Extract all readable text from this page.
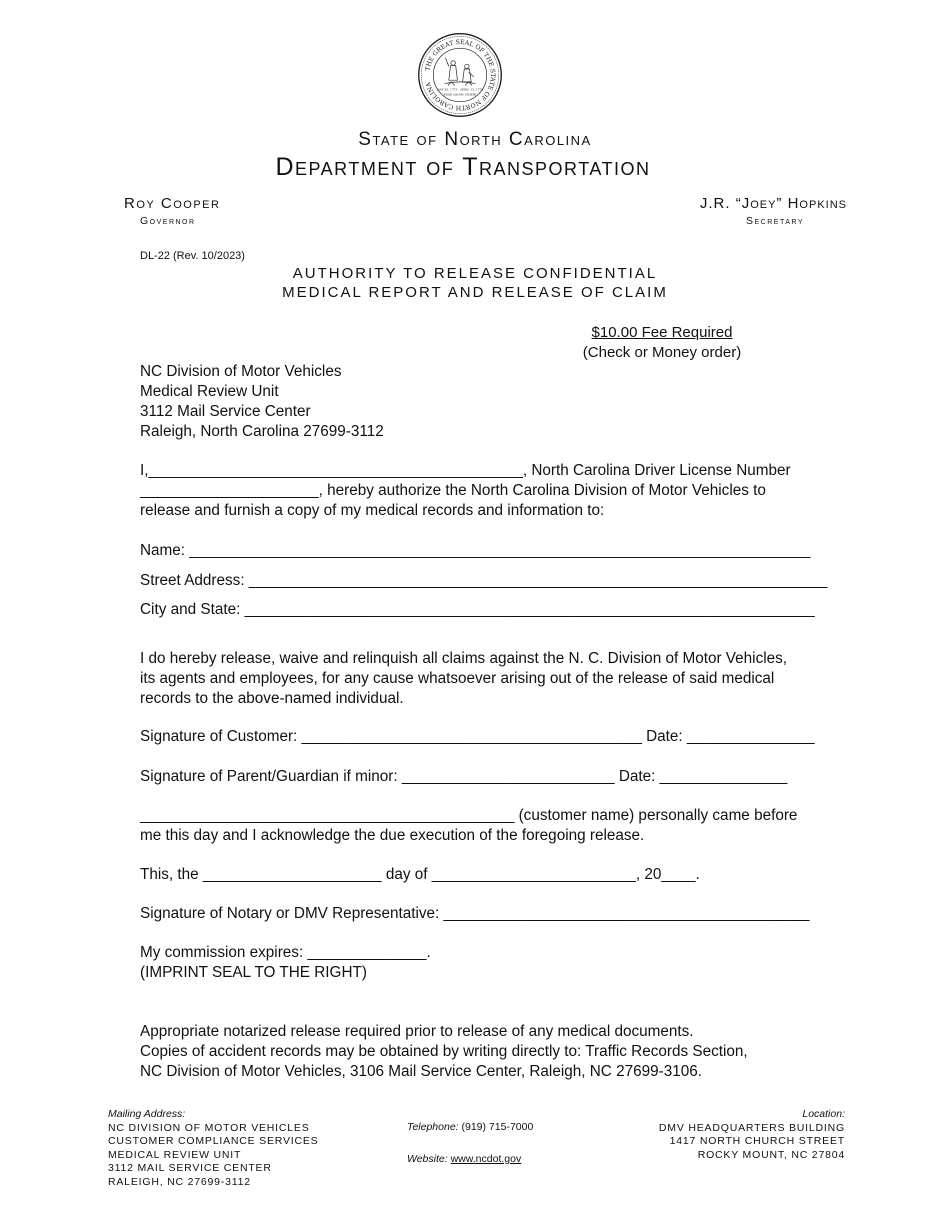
THE GREAT SEAL OF THE STATE OF NORTH CAROLINA
MAY 20, 1775 · APRIL 12, 1776
ESSE QUAM VIDERI
State of North Carolina
Department of Transportation
Roy Cooper
Governor
J.R. “Joey” Hopkins
Secretary
DL-22 (Rev. 10/2023)
AUTHORITY TO RELEASE CONFIDENTIAL
MEDICAL REPORT AND RELEASE OF CLAIM
$10.00 Fee Required
(Check or Money order)
NC Division of Motor Vehicles
Medical Review Unit
3112 Mail Service Center
Raleigh, North Carolina 27699-3112
I,____________________________________________, North Carolina Driver License Number
_____________________, hereby authorize the North Carolina Division of Motor Vehicles to
release and furnish a copy of my medical records and information to:
Name: _________________________________________________________________________
Street Address: ____________________________________________________________________
City and State: ___________________________________________________________________
I do hereby release, waive and relinquish all claims against the N. C. Division of Motor Vehicles,
its agents and employees, for any cause whatsoever arising out of the release of said medical
records to the above-named individual.
Signature of Customer: ________________________________________ Date: _______________
Signature of Parent/Guardian if minor: _________________________ Date: _______________
____________________________________________ (customer name) personally came before
me this day and I acknowledge the due execution of the foregoing release.
This, the _____________________ day of ________________________, 20____.
Signature of Notary or DMV Representative: ___________________________________________
My commission expires: ______________.
(IMPRINT SEAL TO THE RIGHT)
Appropriate notarized release required prior to release of any medical documents.
Copies of accident records may be obtained by writing directly to: Traffic Records Section,
NC Division of Motor Vehicles, 3106 Mail Service Center, Raleigh, NC 27699-3106.
Mailing Address:
NC DIVISION OF MOTOR VEHICLES
CUSTOMER COMPLIANCE SERVICES
MEDICAL REVIEW UNIT
3112 MAIL SERVICE CENTER
RALEIGH, NC 27699-3112
Telephone: (919) 715-7000
Website: www.ncdot.gov
Location:
DMV HEADQUARTERS BUILDING
1417 NORTH CHURCH STREET
ROCKY MOUNT, NC 27804
